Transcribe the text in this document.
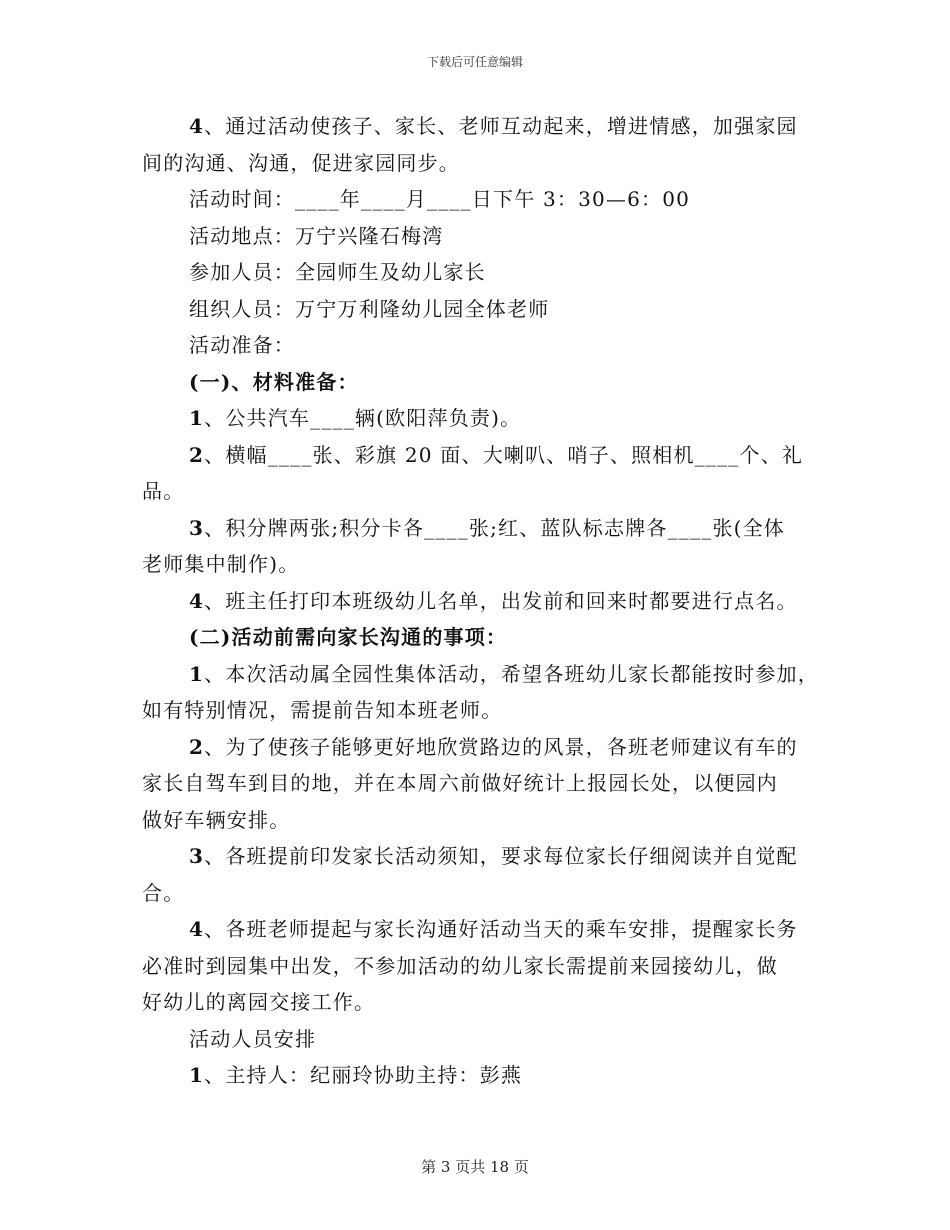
下载后可任意编辑
4、通过活动使孩子、家长、老师互动起来，增进情感，加强家园
间的沟通、沟通，促进家园同步。
活动时间：____年____月____日下午 3：30—6：00
活动地点：万宁兴隆石梅湾
参加人员：全园师生及幼儿家长
组织人员：万宁万利隆幼儿园全体老师
活动准备：
(一)、材料准备：
1、公共汽车____辆(欧阳萍负责)。
2、横幅____张、彩旗 20 面、大喇叭、哨子、照相机____个、礼
品。
3、积分牌两张;积分卡各____张;红、蓝队标志牌各____张(全体
老师集中制作)。
4、班主任打印本班级幼儿名单，出发前和回来时都要进行点名。
(二)活动前需向家长沟通的事项：
1、本次活动属全园性集体活动，希望各班幼儿家长都能按时参加，
如有特别情况，需提前告知本班老师。
2、为了使孩子能够更好地欣赏路边的风景，各班老师建议有车的
家长自驾车到目的地，并在本周六前做好统计上报园长处，以便园内
做好车辆安排。
3、各班提前印发家长活动须知，要求每位家长仔细阅读并自觉配
合。
4、各班老师提起与家长沟通好活动当天的乘车安排，提醒家长务
必准时到园集中出发，不参加活动的幼儿家长需提前来园接幼儿，做
好幼儿的离园交接工作。
活动人员安排
1、主持人：纪丽玲协助主持：彭燕
第 3 页共 18 页
